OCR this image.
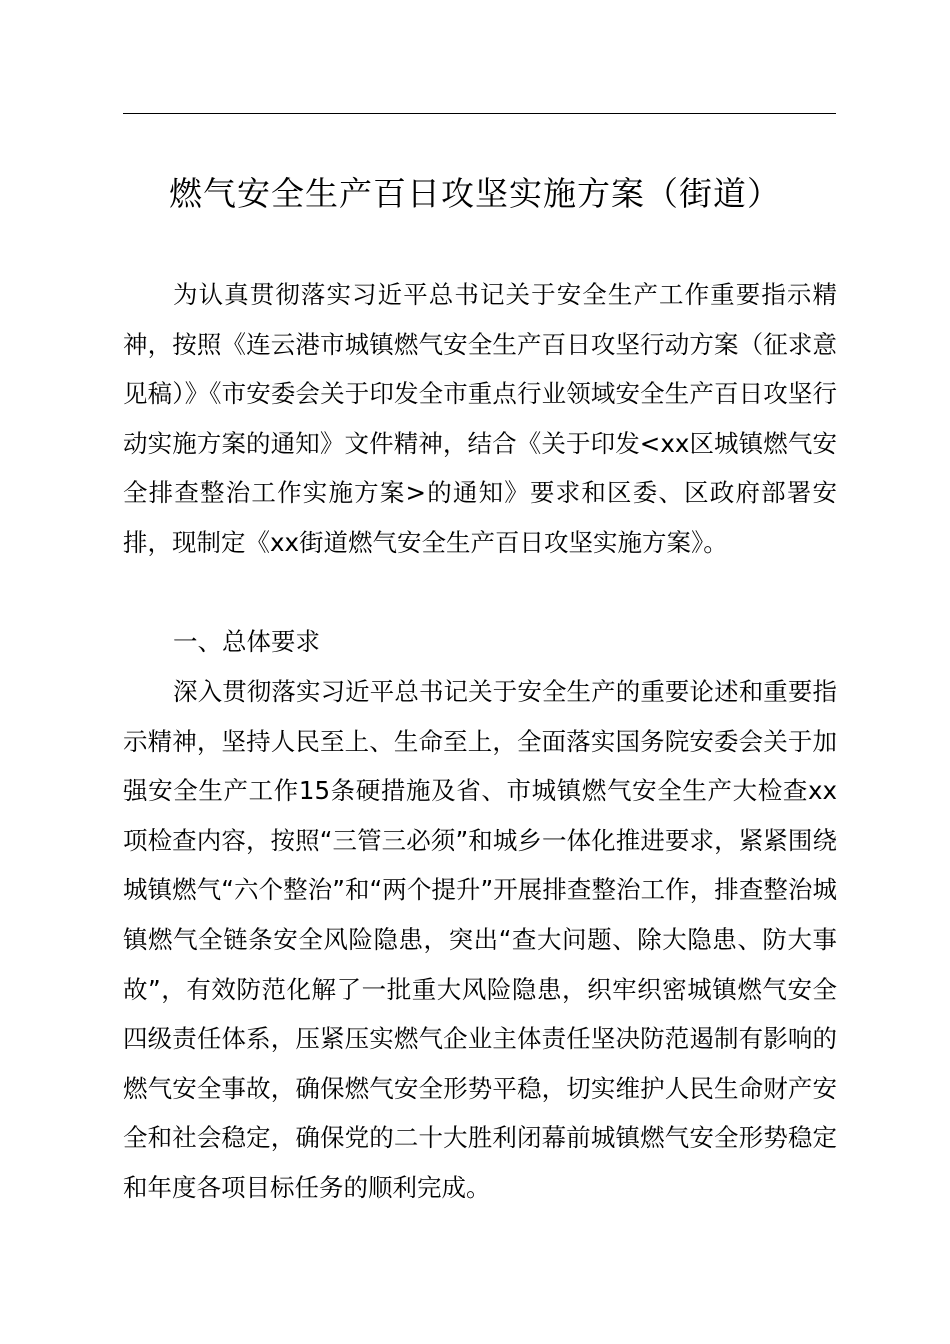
燃气安全生产百日攻坚实施方案（街道）

为认真贯彻落实习近平总书记关于安全生产工作重要指示精神，按照《连云港市城镇燃气安全生产百日攻坚行动方案（征求意见稿）》《市安委会关于印发全市重点行业领域安全生产百日攻坚行动实施方案的通知》文件精神，结合《关于印发<xx区城镇燃气安全排查整治工作实施方案>的通知》要求和区委、区政府部署安排，现制定《xx街道燃气安全生产百日攻坚实施方案》。

一、总体要求

深入贯彻落实习近平总书记关于安全生产的重要论述和重要指示精神，坚持人民至上、生命至上，全面落实国务院安委会关于加强安全生产工作15条硬措施及省、市城镇燃气安全生产大检查xx项检查内容，按照“三管三必须”和城乡一体化推进要求，紧紧围绕城镇燃气“六个整治”和“两个提升”开展排查整治工作，排查整治城镇燃气全链条安全风险隐患，突出“查大问题、除大隐患、防大事故”，有效防范化解了一批重大风险隐患，织牢织密城镇燃气安全四级责任体系，压紧压实燃气企业主体责任坚决防范遏制有影响的燃气安全事故，确保燃气安全形势平稳，切实维护人民生命财产安全和社会稳定，确保党的二十大胜利闭幕前城镇燃气安全形势稳定和年度各项目标任务的顺利完成。
